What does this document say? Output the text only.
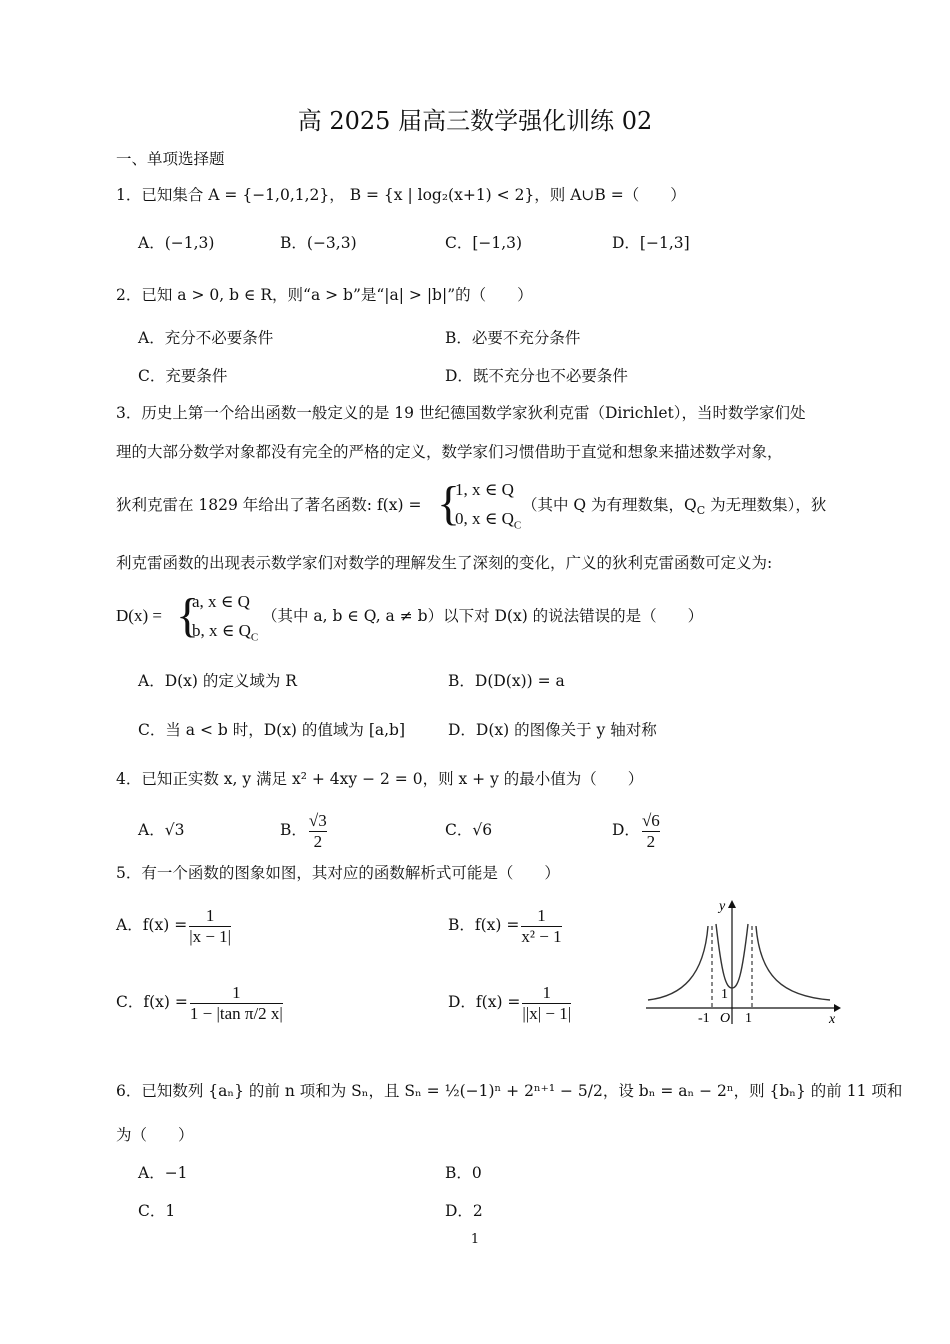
高 2025 届高三数学强化训练 02
一、单项选择题
1．已知集合 A = {−1,0,1,2}， B = {x | log₂(x+1) < 2}，则 A∪B =（　　）
A．(−1,3)	B．(−3,3)	C．[−1,3)	D．[−1,3]
2．已知 a > 0, b ∈ R，则“a > b”是“|a| > |b|”的（　　）
A．充分不必要条件	B．必要不充分条件
C．充要条件	D．既不充分也不必要条件
3．历史上第一个给出函数一般定义的是 19 世纪德国数学家狄利克雷（Dirichlet），当时数学家们处
理的大部分数学对象都没有完全的严格的定义，数学家们习惯借助于直觉和想象来描述数学对象，
狄利克雷在 1829 年给出了著名函数: f(x) = {
1, x ∈ Q
0, x ∈ $Q_C$
（其中 Q 为有理数集，$Q_C$ 为无理数集），狄
利克雷函数的出现表示数学家们对数学的理解发生了深刻的变化，广义的狄利克雷函数可定义为:
D(x) = {
a, x ∈ Q
b, x ∈ $Q_C$
（其中 a, b ∈ Q, a ≠ b）以下对 D(x) 的说法错误的是（　　）
A．D(x) 的定义域为 R	B．D(D(x)) = a
C．当 a < b 时，D(x) 的值域为 [a,b]	D．D(x) 的图像关于 y 轴对称
4．已知正实数 x, y 满足 x² + 4xy − 2 = 0，则 x + y 的最小值为（　　）
A．√3	B． $\frac{√3}{2}$	C．√6	D． $\frac{√6}{2}$
5．有一个函数的图象如图，其对应的函数解析式可能是（　　）
A．$f(x) = \frac{1}{|x - 1|}$	B．$f(x) = \frac{1}{\text{x² − 1}}$
C．$f(x) = \frac{1}{\text{1 − |tan π/2 x|}}$	D．$f(x) = \frac{1}{||x| - 1|}$
y
x
O
-1	1
1
6．已知数列 {aₙ} 的前 n 项和为 Sₙ，且 Sₙ = ½(−1)ⁿ + 2ⁿ⁺¹ − 5/2，设 bₙ = aₙ − 2ⁿ，则 {bₙ} 的前 11 项和
为（　　）
A．−1	B．0
C．1	D．2
1
